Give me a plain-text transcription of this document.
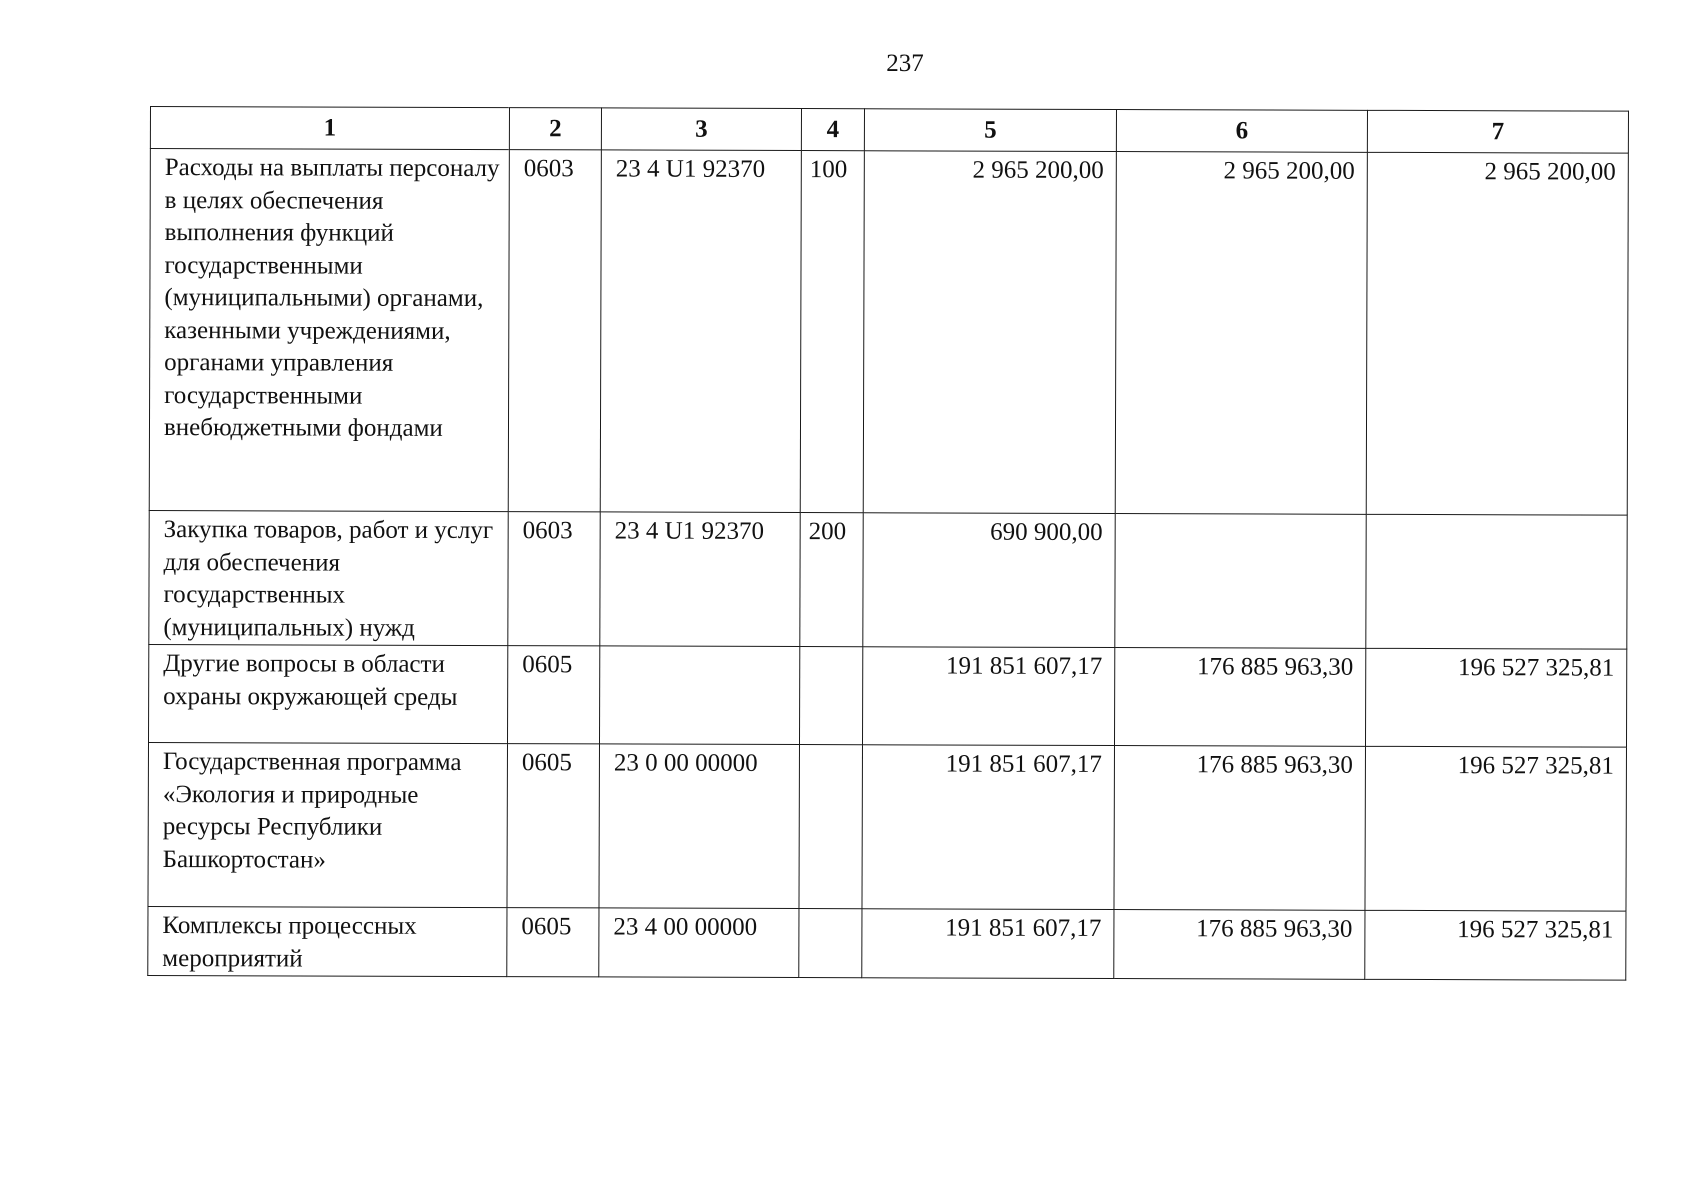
237
1	2	3	4	5	6	7
Расходы на выплаты персоналу в целях обеспечения выполнения функций государственными (муниципальными) органами, казенными учреждениями, органами управления государственными внебюджетными фондами	0603	23 4 U1 92370	100	2 965 200,00	2 965 200,00	2 965 200,00
Закупка товаров, работ и услуг для обеспечения государственных (муниципальных) нужд	0603	23 4 U1 92370	200	690 900,00		
Другие вопросы в области охраны окружающей среды	0605			191 851 607,17	176 885 963,30	196 527 325,81
Государственная программа «Экология и природные ресурсы Республики Башкортостан»	0605	23 0 00 00000		191 851 607,17	176 885 963,30	196 527 325,81
Комплексы процессных мероприятий	0605	23 4 00 00000		191 851 607,17	176 885 963,30	196 527 325,81
